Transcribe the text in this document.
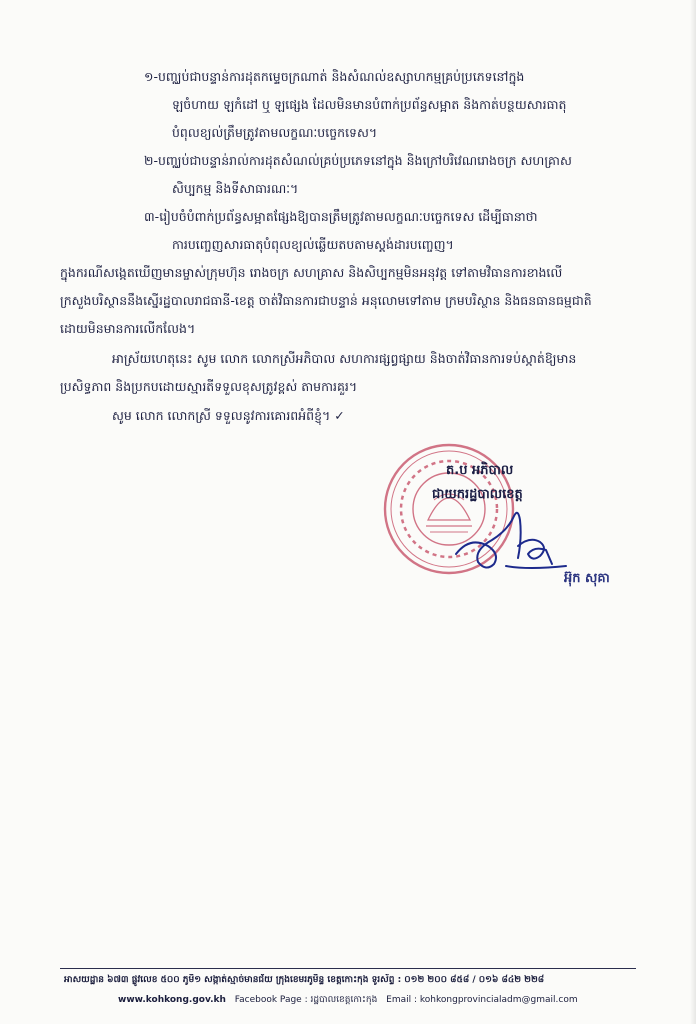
១-បញ្ឈប់ជាបន្ទាន់ការដុតកម្ទេចក្រណាត់ និងសំណល់ឧស្សាហកម្មគ្រប់ប្រភេទនៅក្នុង
ឡចំហាយ ឡកំដៅ ឬ ឡផ្សេង ដែលមិនមានបំពាក់ប្រព័ន្ធសម្អាត និងកាត់បន្ថយសារធាតុ
បំពុលខ្យល់ត្រឹមត្រូវតាមលក្ខណៈបច្ចេកទេស។
២-បញ្ឈប់ជាបន្ទាន់រាល់ការដុតសំណល់គ្រប់ប្រភេទនៅក្នុង និងក្រៅបរិវេណរោងចក្រ សហគ្រាស
សិប្បកម្ម និងទីសាធារណៈ។
៣-រៀបចំបំពាក់ប្រព័ន្ធសម្អាតផ្សែងឱ្យបានត្រឹមត្រូវតាមលក្ខណៈបច្ចេកទេស ដើម្បីធានាថា
ការបញ្ចេញសារធាតុបំពុលខ្យល់ឆ្លើយតបតាមស្តង់ដារបញ្ចេញ។
ក្នុងករណីសង្កេតឃើញមានម្ចាស់ក្រុមហ៊ុន រោងចក្រ សហគ្រាស និងសិប្បកម្មមិនអនុវត្ត ទៅតាមវិធានការខាងលើ
ក្រសួងបរិស្ថាននឹងស្នើរដ្ឋបាលរាជធានី-ខេត្ត ចាត់វិធានការជាបន្ទាន់ អនុលោមទៅតាម ក្រមបរិស្ថាន និងធនធានធម្មជាតិ
ដោយមិនមានការលើកលែង។
អាស្រ័យហេតុនេះ សូម លោក លោកស្រីអភិបាល សហការផ្សព្វផ្សាយ និងចាត់វិធានការទប់ស្កាត់ឱ្យមាន
ប្រសិទ្ធភាព និងប្រកបដោយស្មារតីទទួលខុសត្រូវខ្ពស់ តាមការគួរ។
សូម លោក លោកស្រី ទទួលនូវការគោរពអំពីខ្ញុំ។ ✓
ត.ប អភិបាល
ជាយករដ្ឋបាលខេត្ត
អ៊ុក សុគា
អាសយដ្ឋាន ៦៧៣ ផ្លូវលេខ ៥០០ ភូមិ១ សង្កាត់ស្មាច់មានជ័យ ក្រុងខេមរភូមិន្ទ ខេត្តកោះកុង ទូរស័ព្ទ : ០១២ ២០០ ៨៥៨ / ០១៦ ៨៤២ ២២៨
www.kohkong.gov.kh Facebook Page : រដ្ឋបាលខេត្តកោះកុង Email : kohkongprovincialadm@gmail.com
